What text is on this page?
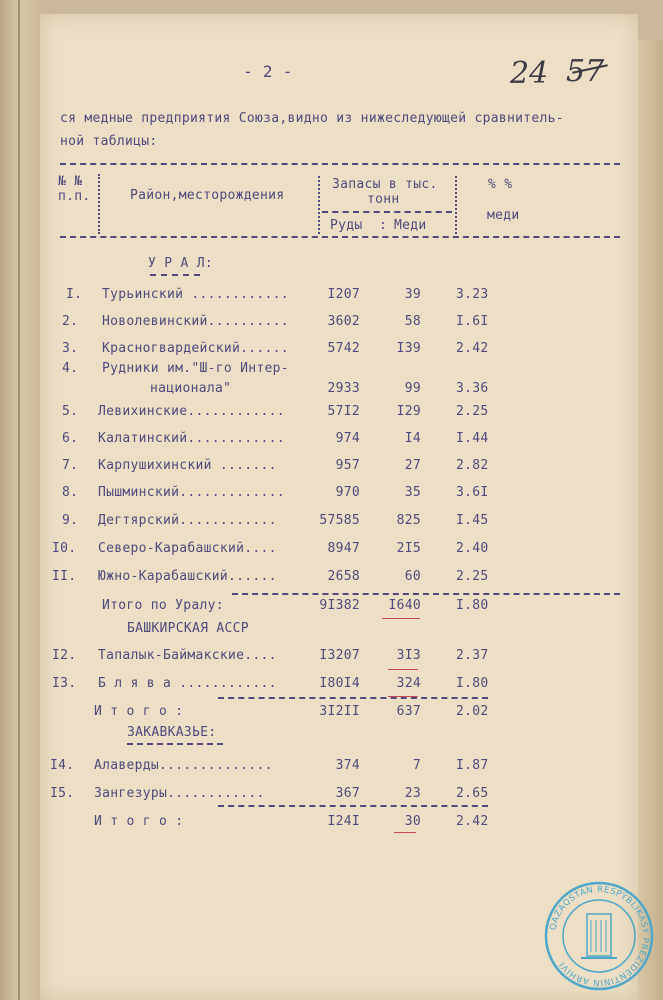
- 2 -	24 57
ся медные предприятия Союза,видно из нижеследующей сравнитель-
ной таблицы:
№ №
п.п.	Район,месторождения
Запасы в тыс.
тонн
Руды : Меди
% %
меди
У Р А Л:
I. Турьинский ............	I207	39	3.23
2. Новолевинский..........	3602	58	I.6I
3. Красногвардейский......	5742	I39	2.42
4. Рудники им."Ш-го Интер-
национала"	2933	99	3.36
5. Левихинские............	57I2	I29	2.25
6. Калатинский............	974	I4	I.44
7. Карпушихинский .......	957	27	2.82
8. Пышминский.............	970	35	3.6I
9. Дегтярский............	57585	825	I.45
I0. Северо-Карабашский....	8947	2I5	2.40
II. Южно-Карабашский......	2658	60	2.25
Итого по Уралу:	9I382	I640	I.80
I2. Тапалык-Баймакские....	I3207	3I3	2.37
I3. Б л я в а ............	I80I4	324	I.80
И т о г о :	3I2II	637	2.02
I4. Алаверды..............	374	7	I.87
I5. Зангезуры............	367	23	2.65
И т о г о :	I24I	30	2.42
БАШКИРСКАЯ АССР
ЗАКАВКАЗЬЕ:
QAZAQSTAN RESPÝBLIKASY PREZIDENTINIŃ ARHIVI
